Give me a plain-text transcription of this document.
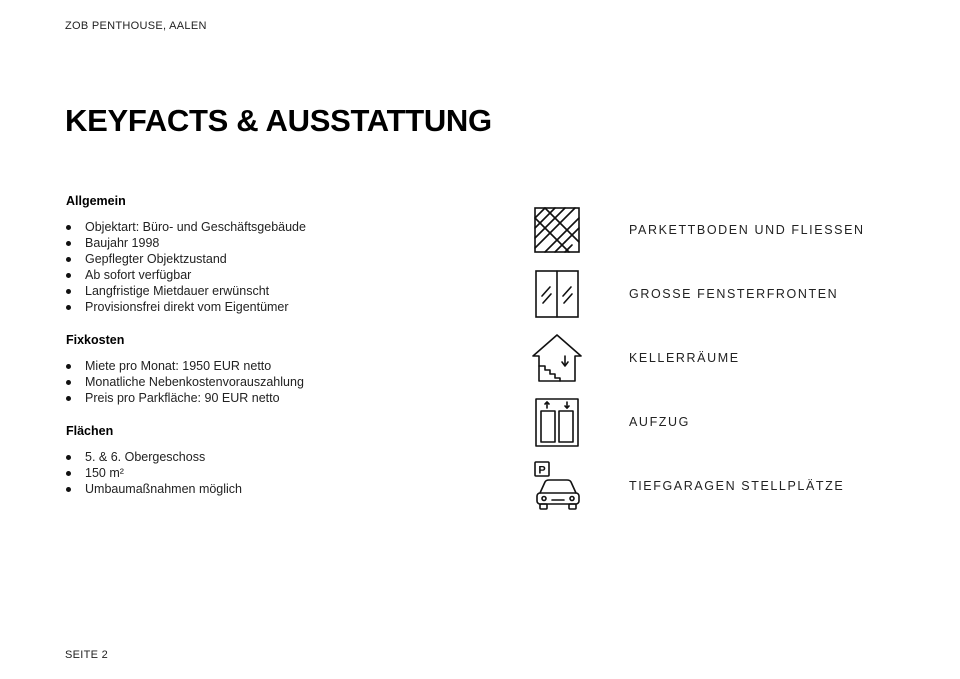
ZOB PENTHOUSE, AALEN
KEYFACTS & AUSSTATTUNG
Allgemein
Objektart: Büro- und Geschäftsgebäude
Baujahr 1998
Gepflegter Objektzustand
Ab sofort verfügbar
Langfristige Mietdauer erwünscht
Provisionsfrei direkt vom Eigentümer
Fixkosten
Miete pro Monat: 1950 EUR netto
Monatliche Nebenkostenvorauszahlung
Preis pro Parkfläche: 90 EUR netto
Flächen
5. & 6. Obergeschoss
150 m²
Umbaumaßnahmen möglich
PARKETTBODEN UND FLIESSEN
GROSSE FENSTERFRONTEN
KELLERRÄUME
AUFZUG
P
TIEFGARAGEN STELLPLÄTZE
SEITE 2
